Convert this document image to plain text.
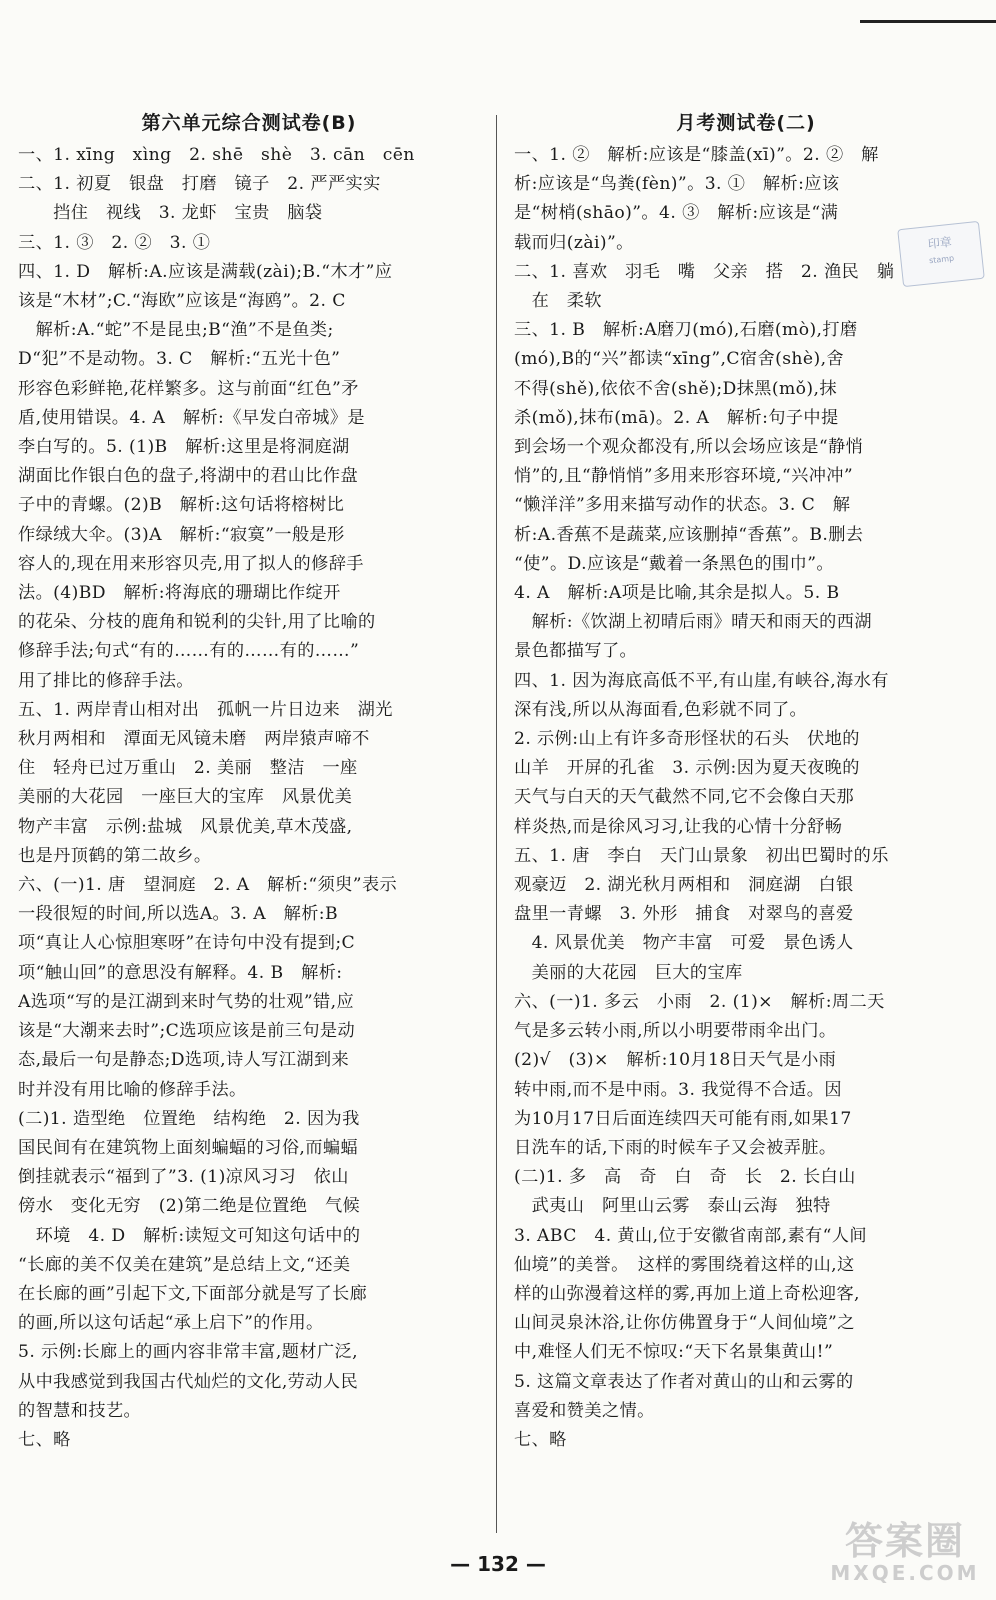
第六单元综合测试卷(B)
一、1. xīng　xìng　2. shē　shè　3. cān　cēn
二、1. 初夏　银盘　打磨　镜子　2. 严严实实
　　挡住　视线　3. 龙虾　宝贵　脑袋
三、1. ③　2. ②　3. ①
四、1. D　解析:A.应该是满载(zài);B.“木才”应
该是“木材”;C.“海欧”应该是“海鸥”。2. C
　解析:A.“蛇”不是昆虫;B“渔”不是鱼类;
D“犯”不是动物。3. C　解析:“五光十色”
形容色彩鲜艳,花样繁多。这与前面“红色”矛
盾,使用错误。4. A　解析:《早发白帝城》是
李白写的。5. (1)B　解析:这里是将洞庭湖
湖面比作银白色的盘子,将湖中的君山比作盘
子中的青螺。(2)B　解析:这句话将榕树比
作绿绒大伞。(3)A　解析:“寂寞”一般是形
容人的,现在用来形容贝壳,用了拟人的修辞手
法。(4)BD　解析:将海底的珊瑚比作绽开
的花朵、分枝的鹿角和锐利的尖针,用了比喻的
修辞手法;句式“有的……有的……有的……”
用了排比的修辞手法。
五、1. 两岸青山相对出　孤帆一片日边来　湖光
秋月两相和　潭面无风镜未磨　两岸猿声啼不
住　轻舟已过万重山　2. 美丽　整洁　一座
美丽的大花园　一座巨大的宝库　风景优美
物产丰富　示例:盐城　风景优美,草木茂盛,
也是丹顶鹤的第二故乡。
六、(一)1. 唐　望洞庭　2. A　解析:“须臾”表示
一段很短的时间,所以选A。3. A　解析:B
项“真让人心惊胆寒呀”在诗句中没有提到;C
项“触山回”的意思没有解释。4. B　解析:
A选项“写的是江湖到来时气势的壮观”错,应
该是“大潮来去时”;C选项应该是前三句是动
态,最后一句是静态;D选项,诗人写江湖到来
时并没有用比喻的修辞手法。
(二)1. 造型绝　位置绝　结构绝　2. 因为我
国民间有在建筑物上面刻蝙蝠的习俗,而蝙蝠
倒挂就表示“福到了”3. (1)凉风习习　依山
傍水　变化无穷　(2)第二绝是位置绝　气候
　环境　4. D　解析:读短文可知这句话中的
“长廊的美不仅美在建筑”是总结上文,“还美
在长廊的画”引起下文,下面部分就是写了长廊
的画,所以这句话起“承上启下”的作用。
5. 示例:长廊上的画内容非常丰富,题材广泛,
从中我感觉到我国古代灿烂的文化,劳动人民
的智慧和技艺。
七、略
月考测试卷(二)
一、1. ②　解析:应该是“膝盖(xī)”。2. ②　解
析:应该是“鸟粪(fèn)”。3. ①　解析:应该
是“树梢(shāo)”。4. ③　解析:应该是“满
载而归(zài)”。
二、1. 喜欢　羽毛　嘴　父亲　搭　2. 渔民　躺
　在　柔软
三、1. B　解析:A磨刀(mó),石磨(mò),打磨
(mó),B的“兴”都读“xīng”,C宿舍(shè),舍
不得(shě),依依不舍(shě);D抹黑(mǒ),抹
杀(mǒ),抹布(mā)。2. A　解析:句子中提
到会场一个观众都没有,所以会场应该是“静悄
悄”的,且“静悄悄”多用来形容环境,“兴冲冲”
“懒洋洋”多用来描写动作的状态。3. C　解
析:A.香蕉不是蔬菜,应该删掉“香蕉”。B.删去
“使”。D.应该是“戴着一条黑色的围巾”。
4. A　解析:A项是比喻,其余是拟人。5. B
　解析:《饮湖上初晴后雨》晴天和雨天的西湖
景色都描写了。
四、1. 因为海底高低不平,有山崖,有峡谷,海水有
深有浅,所以从海面看,色彩就不同了。
2. 示例:山上有许多奇形怪状的石头　伏地的
山羊　开屏的孔雀　3. 示例:因为夏天夜晚的
天气与白天的天气截然不同,它不会像白天那
样炎热,而是徐风习习,让我的心情十分舒畅
五、1. 唐　李白　天门山景象　初出巴蜀时的乐
观豪迈　2. 湖光秋月两相和　洞庭湖　白银
盘里一青螺　3. 外形　捕食　对翠鸟的喜爱
　4. 风景优美　物产丰富　可爱　景色诱人
　美丽的大花园　巨大的宝库
六、(一)1. 多云　小雨　2. (1)×　解析:周二天
气是多云转小雨,所以小明要带雨伞出门。
(2)√　(3)×　解析:10月18日天气是小雨
转中雨,而不是中雨。3. 我觉得不合适。因
为10月17日后面连续四天可能有雨,如果17
日洗车的话,下雨的时候车子又会被弄脏。
(二)1. 多　高　奇　白　奇　长　2. 长白山
　武夷山　阿里山云雾　泰山云海　独特
3. ABC　4. 黄山,位于安徽省南部,素有“人间
仙境”的美誉。　这样的雾围绕着这样的山,这
样的山弥漫着这样的雾,再加上道上奇松迎客,
山间灵泉沐浴,让你仿佛置身于“人间仙境”之
中,难怪人们无不惊叹:“天下名景集黄山!”
5. 这篇文章表达了作者对黄山的山和云雾的
喜爱和赞美之情。
七、略
印章
stamp
— 132 —
答案圈
MXQE.COM
